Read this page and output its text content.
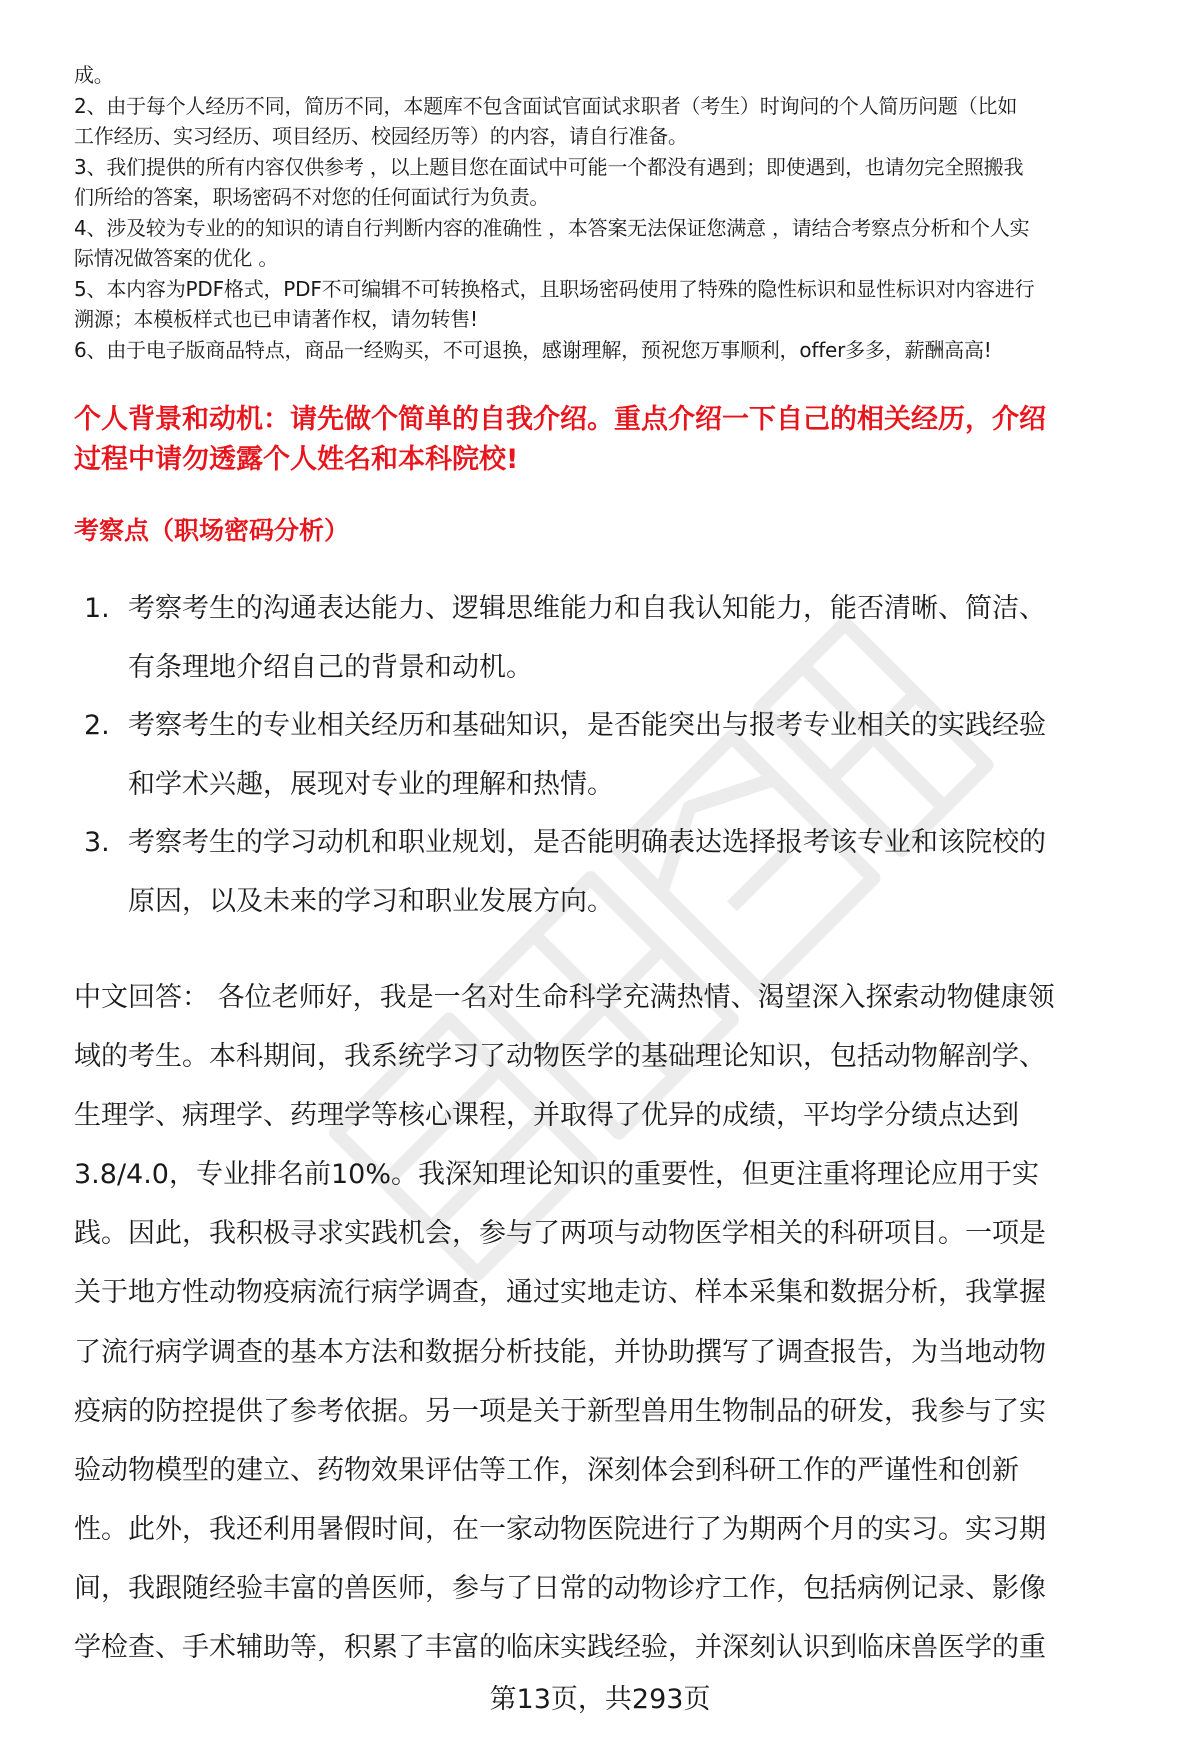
成。

2、由于每个人经历不同，简历不同，本题库不包含面试官面试求职者（考生）时询问的个人简历问题（比如

工作经历、实习经历、项目经历、校园经历等）的内容，请自行准备。

3、我们提供的所有内容仅供参考 ，以上题目您在面试中可能一个都没有遇到；即使遇到，也请勿完全照搬我

们所给的答案，职场密码不对您的任何面试行为负责。

4、涉及较为专业的的知识的请自行判断内容的准确性 ，本答案无法保证您满意 ，请结合考察点分析和个人实

际情况做答案的优化 。

5、本内容为PDF格式，PDF不可编辑不可转换格式，且职场密码使用了特殊的隐性标识和显性标识对内容进行

溯源；本模板样式也已申请著作权，请勿转售!

6、由于电子版商品特点，商品一经购买，不可退换，感谢理解，预祝您万事顺利，offer多多，薪酬高高!

个人背景和动机：请先做个简单的自我介绍。重点介绍一下自己的相关经历，介绍
过程中请勿透露个人姓名和本科院校!
考察点（职场密码分析）
1. 考察考生的沟通表达能力、逻辑思维能力和自我认知能力，能否清晰、简洁、
有条理地介绍自己的背景和动机。
2. 考察考生的专业相关经历和基础知识，是否能突出与报考专业相关的实践经验
和学术兴趣，展现对专业的理解和热情。
3. 考察考生的学习动机和职业规划，是否能明确表达选择报考该专业和该院校的
原因，以及未来的学习和职业发展方向。
中文回答： 各位老师好，我是一名对生命科学充满热情、渴望深入探索动物健康领
域的考生。本科期间，我系统学习了动物医学的基础理论知识，包括动物解剖学、
生理学、病理学、药理学等核心课程，并取得了优异的成绩，平均学分绩点达到
3.8/4.0，专业排名前10%。我深知理论知识的重要性，但更注重将理论应用于实
践。因此，我积极寻求实践机会，参与了两项与动物医学相关的科研项目。一项是
关于地方性动物疫病流行病学调查，通过实地走访、样本采集和数据分析，我掌握
了流行病学调查的基本方法和数据分析技能，并协助撰写了调查报告，为当地动物
疫病的防控提供了参考依据。另一项是关于新型兽用生物制品的研发，我参与了实
验动物模型的建立、药物效果评估等工作，深刻体会到科研工作的严谨性和创新
性。此外，我还利用暑假时间，在一家动物医院进行了为期两个月的实习。实习期
间，我跟随经验丰富的兽医师，参与了日常的动物诊疗工作，包括病例记录、影像
学检查、手术辅助等，积累了丰富的临床实践经验，并深刻认识到临床兽医学的重
第13页，共293页
